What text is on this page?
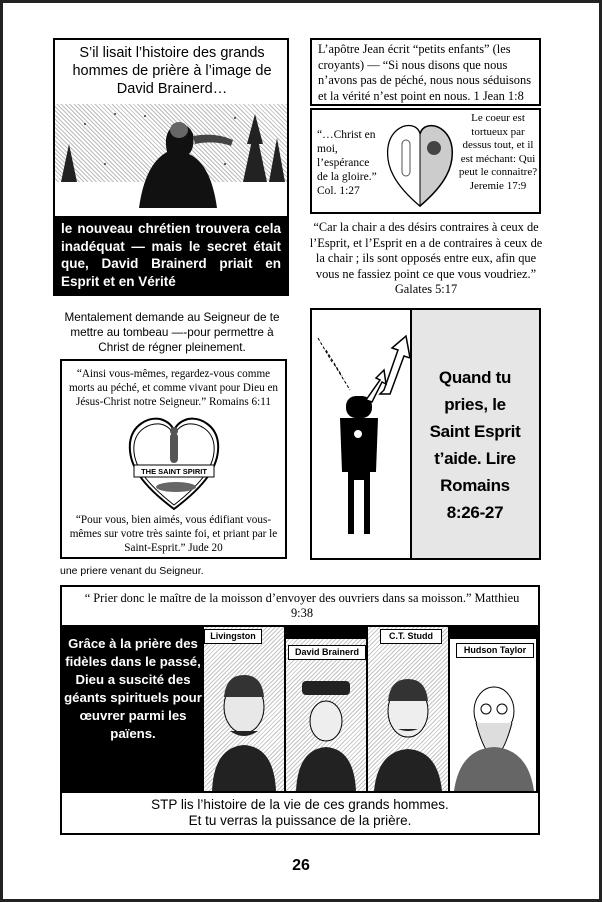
S’il lisait l’histoire des grands hommes de prière à l’image de David Brainerd…
le nouveau chrétien trouvera cela inadéquat — mais le secret était que, David Brainerd priait en Esprit et en Vérité
L’apôtre Jean écrit “petits enfants” (les croyants) — “Si nous disons que nous n’avons pas de péché, nous nous séduisons et la vérité n’est point en nous. 1 Jean 1:8
“…Christ en moi, l’espérance de la gloire.” Col. 1:27
Le coeur est tortueux par dessus tout, et il est méchant: Qui peut le connaitre? Jeremie 17:9
“Car la chair a des désirs contraires à ceux de l’Esprit, et l’Esprit en a de contraires à ceux de la chair ; ils sont opposés entre eux, afin que vous ne fassiez point ce que vous voudriez.” Galates 5:17
Mentalement demande au Seigneur de te mettre au tombeau —-pour permettre à Christ de régner pleinement.
“Ainsi vous-mêmes, regardez-vous comme morts au péché, et comme vivant pour Dieu en Jésus-Christ notre Seigneur.” Romains 6:11
THE SAINT SPIRIT
“Pour vous, bien aimés, vous édifiant vous-mêmes sur votre très sainte foi, et priant par le Saint-Esprit.” Jude 20
une priere venant du Seigneur.
Quand tu pries, le Saint Esprit t’aide. Lire Romains 8:26-27
“ Prier donc le maître de la moisson d’envoyer des ouvriers dans sa moisson.” Matthieu 9:38
Grâce à la prière des fidèles dans le passé, Dieu a suscité des géants spirituels pour œuvrer parmi les païens.
Livingston
David Brainerd
C.T. Studd
Hudson Taylor
STP lis l’histoire de la vie de ces grands hommes.
Et tu verras la puissance de la prière.
26
